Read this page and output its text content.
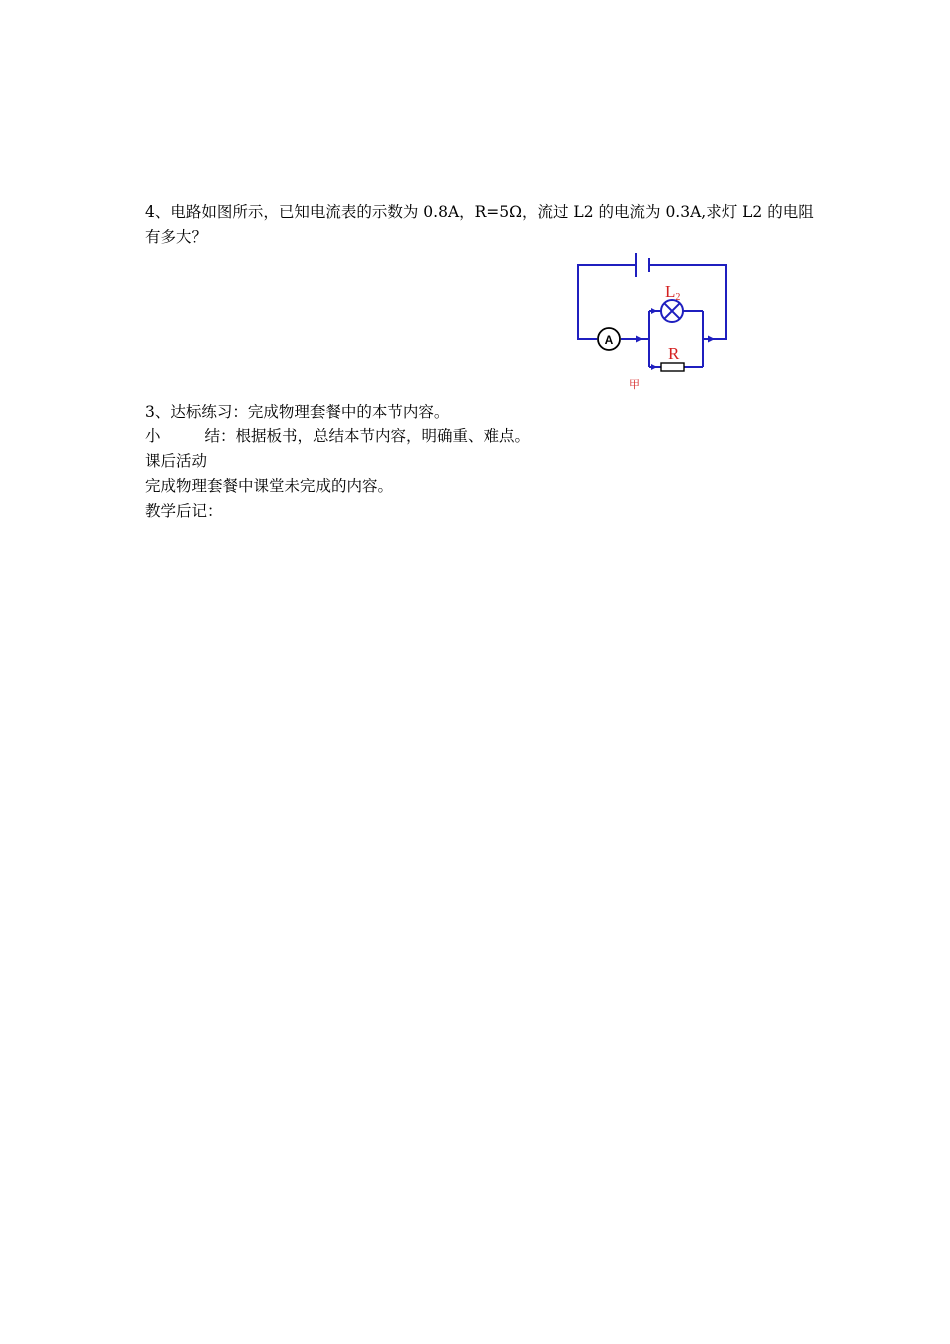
4、电路如图所示，已知电流表的示数为 0.8A，R=5Ω，流过 L2 的电流为 0.3A,求灯 L2 的电阻
有多大？
A
L2
R
甲
3、达标练习：完成物理套餐中的本节内容。
小	结：根据板书，总结本节内容，明确重、难点。
课后活动
完成物理套餐中课堂未完成的内容。
教学后记：
